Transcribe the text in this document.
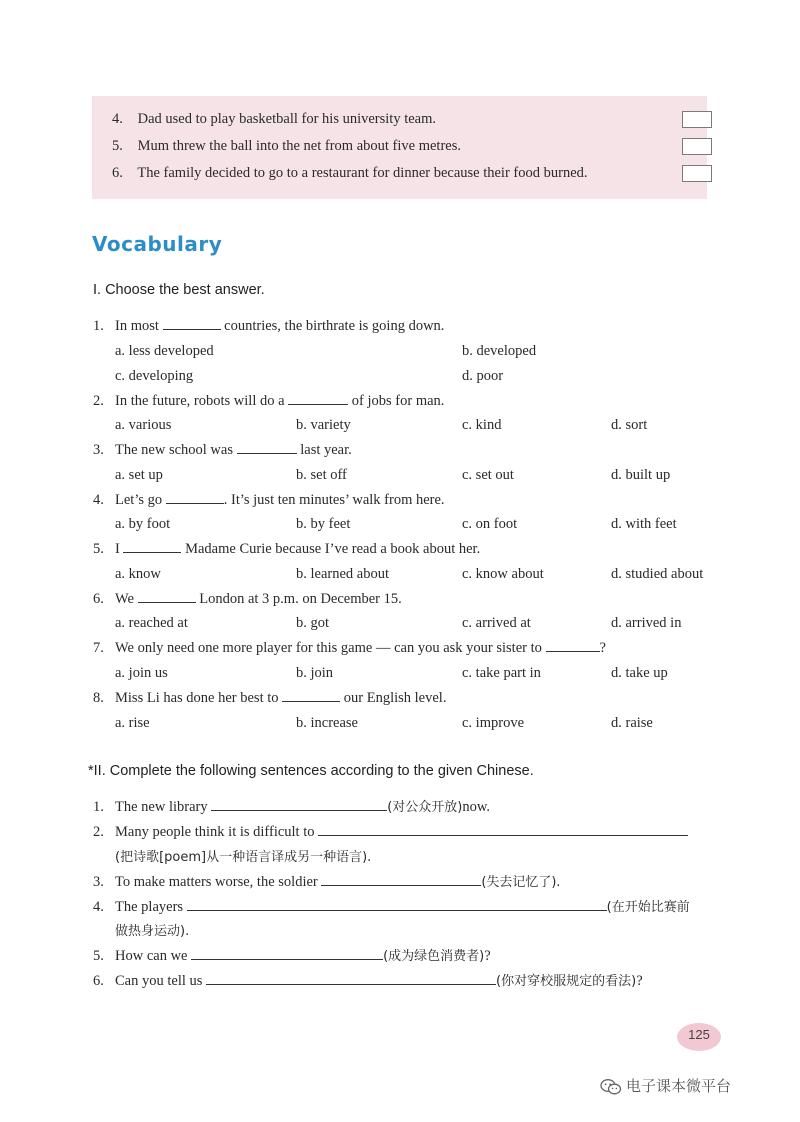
4. Dad used to play basketball for his university team.
5. Mum threw the ball into the net from about five metres.
6. The family decided to go to a restaurant for dinner because their food burned.
Vocabulary
I. Choose the best answer.
1. In most	countries, the birthrate is going down.
a. less developed	b. developed
c. developing	d. poor
2. In the future, robots will do a	of jobs for man.
a. various	b. variety	c. kind	d. sort
3. The new school was	last year.
a. set up	b. set off	c. set out	d. built up
4. Let’s go	. It’s just ten minutes’ walk from here.
a. by foot	b. by feet	c. on foot	d. with feet
5. I	Madame Curie because I’ve read a book about her.
a. know	b. learned about	c. know about	d. studied about
6. We	London at 3 p.m. on December 15.
a. reached at	b. got	c. arrived at	d. arrived in
7. We only need one more player for this game — can you ask your sister to	?
a. join us	b. join	c. take part in	d. take up
8. Miss Li has done her best to	our English level.
a. rise	b. increase	c. improve	d. raise
*II. Complete the following sentences according to the given Chinese.
1. The new library	(对公众开放)now.
2. Many people think it is difficult to
(把诗歌[poem]从一种语言译成另一种语言).
3. To make matters worse, the soldier	(失去记忆了).
4. The players	(在开始比赛前
做热身运动).
5. How can we	(成为绿色消费者)?
6. Can you tell us	(你对穿校服规定的看法)?
125
电子课本微平台
